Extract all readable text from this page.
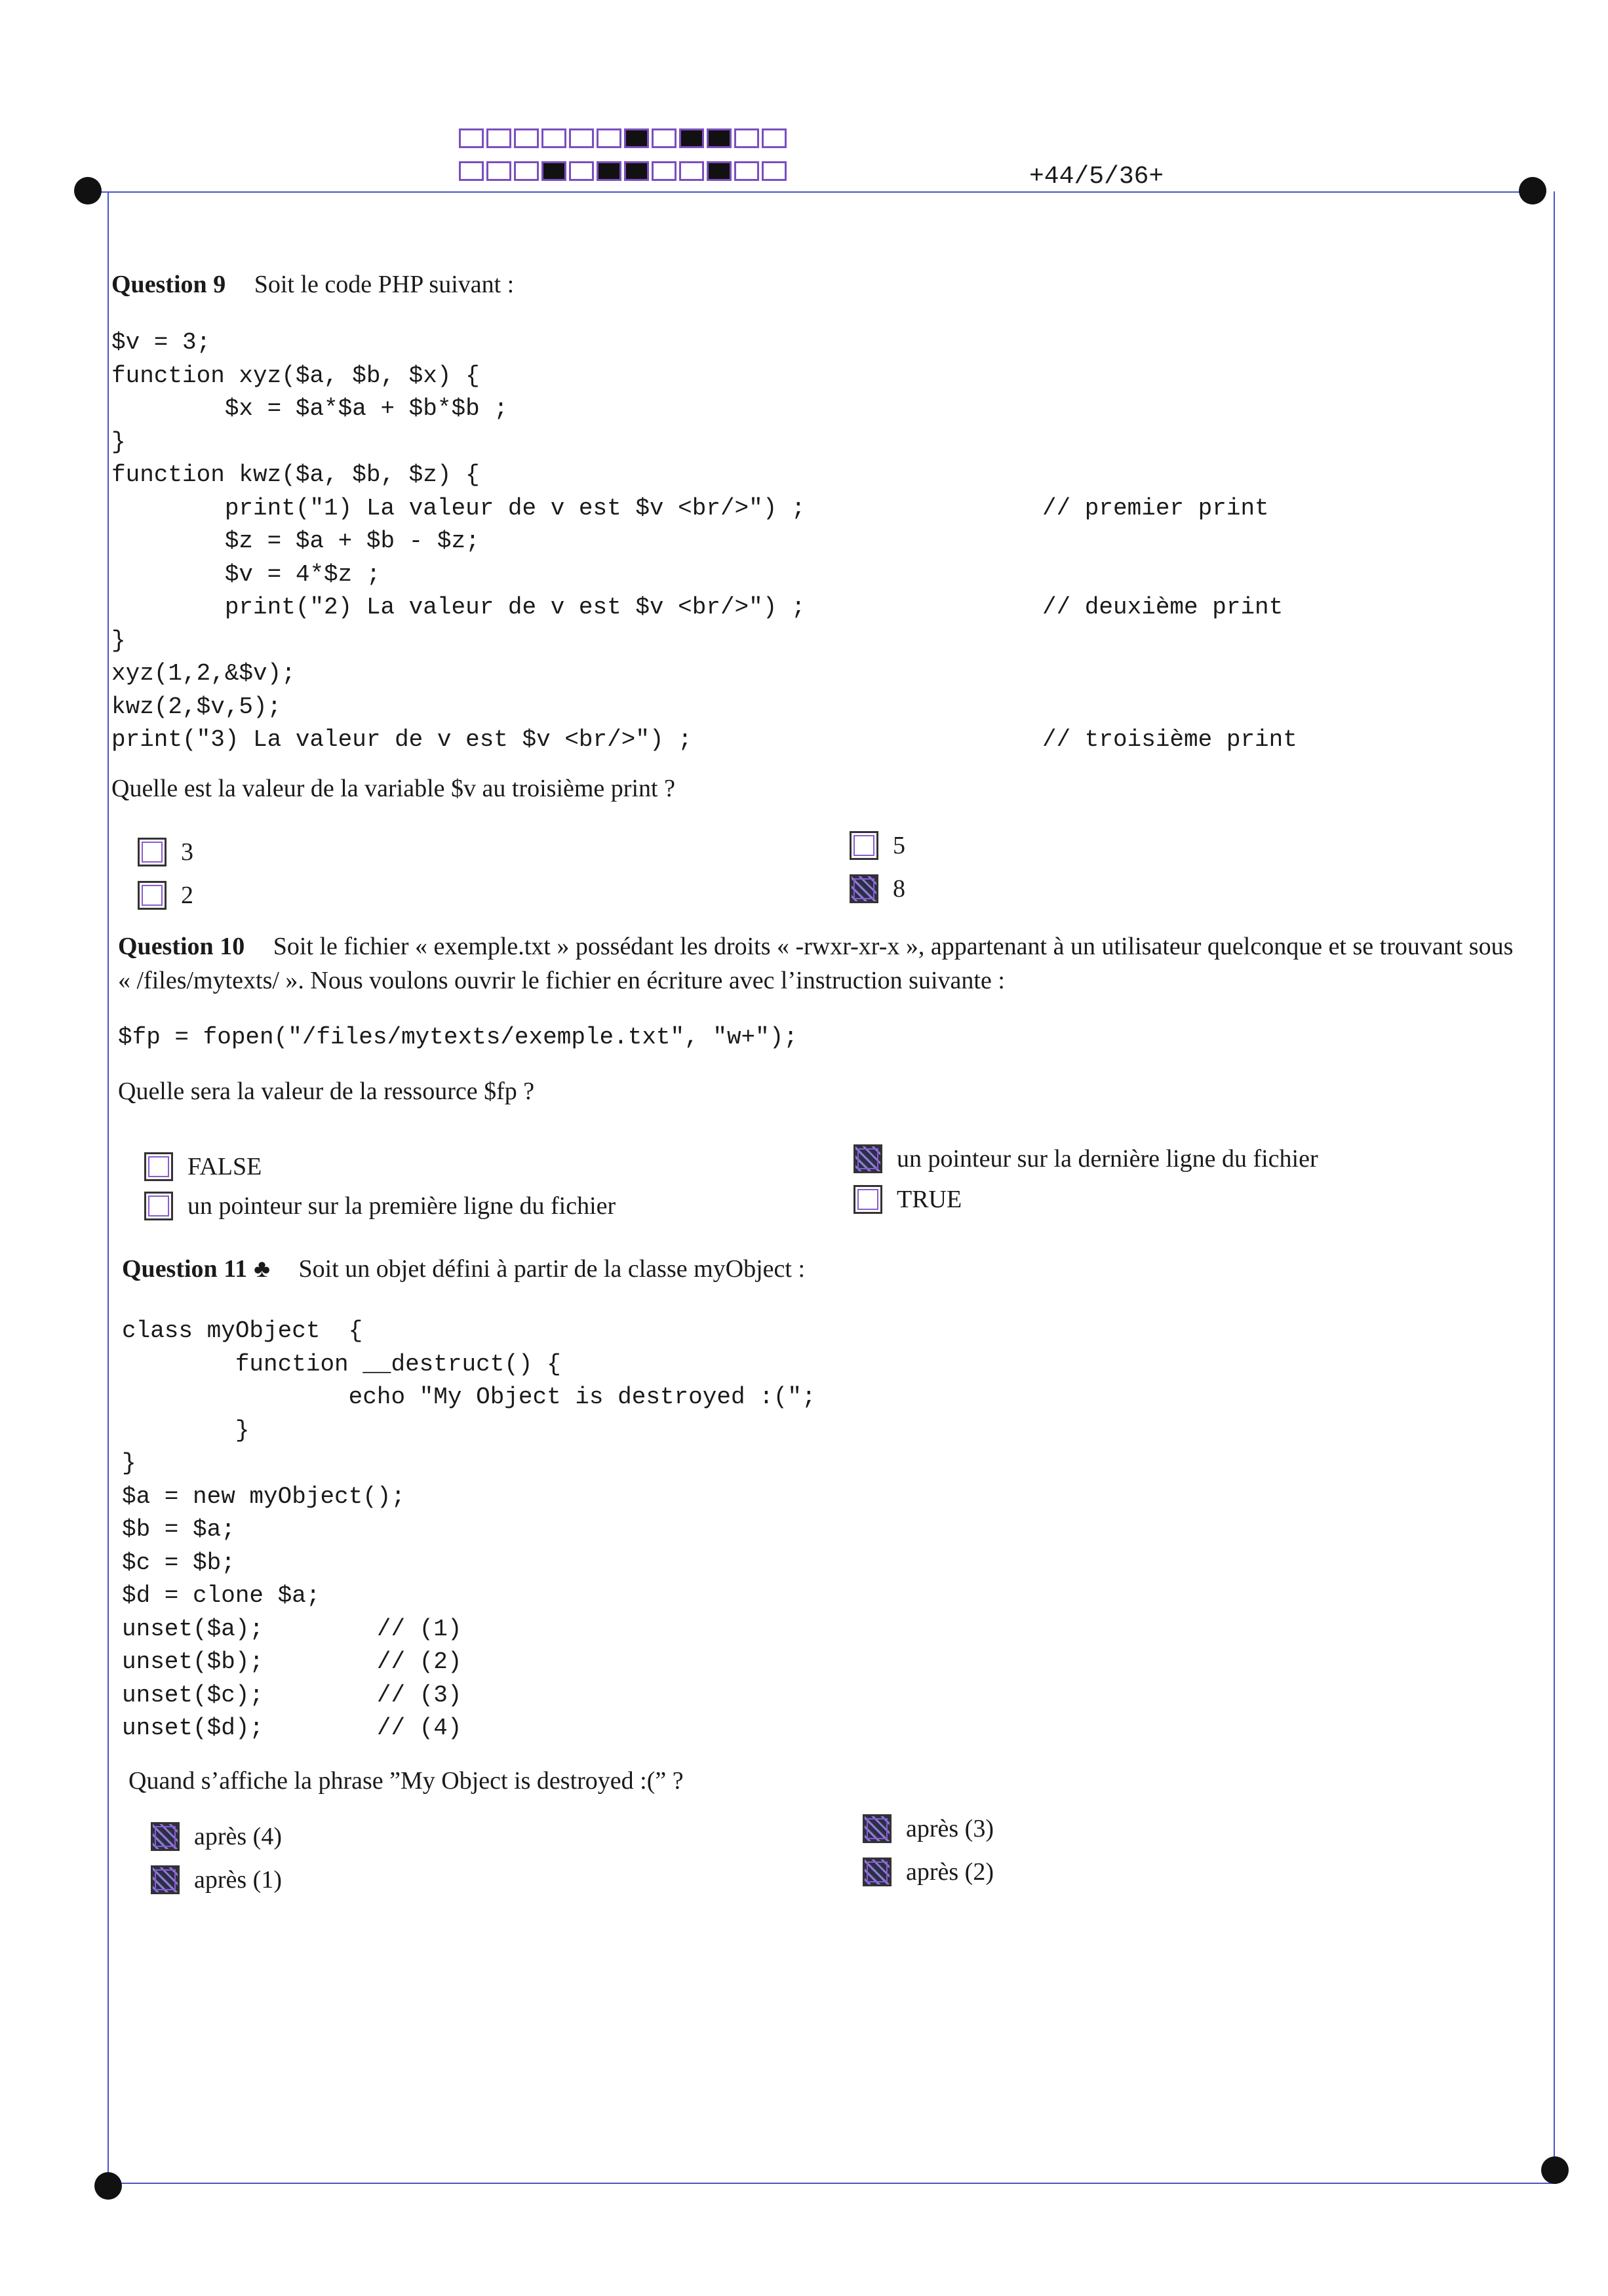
+44/5/36+
Question 9 Soit le code PHP suivant :
$v = 3;
function xyz($a, $b, $x) {
$x = $a*$a + $b*$b ;
}
function kwz($a, $b, $z) {
print("1) La valeur de v est $v <br/>") ;	// premier print
$z = $a + $b - $z;
$v = 4*$z ;
print("2) La valeur de v est $v <br/>") ;	// deuxième print
}
xyz(1,2,&$v);
kwz(2,$v,5);
print("3) La valeur de v est $v <br/>") ;	// troisième print
Quelle est la valeur de la variable $v au troisième print ?
3
2
5
8
Question 10 Soit le fichier « exemple.txt » possédant les droits « -rwxr-xr-x », appartenant à un utilisateur quelconque et se trouvant sous « /files/mytexts/ ». Nous voulons ouvrir le fichier en écriture avec l’instruction suivante :
$fp = fopen("/files/mytexts/exemple.txt", "w+");
Quelle sera la valeur de la ressource $fp ?
FALSE
un pointeur sur la première ligne du fichier
un pointeur sur la dernière ligne du fichier
TRUE
Question 11 ♣ Soit un objet défini à partir de la classe myObject :
class myObject  {
function __destruct() {
echo "My Object is destroyed :(";
}
}
$a = new myObject();
$b = $a;
$c = $b;
$d = clone $a;
unset($a);        // (1)
unset($b);        // (2)
unset($c);        // (3)
unset($d);        // (4)
Quand s’affiche la phrase ”My Object is destroyed :(” ?
après (4)
après (1)
après (3)
après (2)
